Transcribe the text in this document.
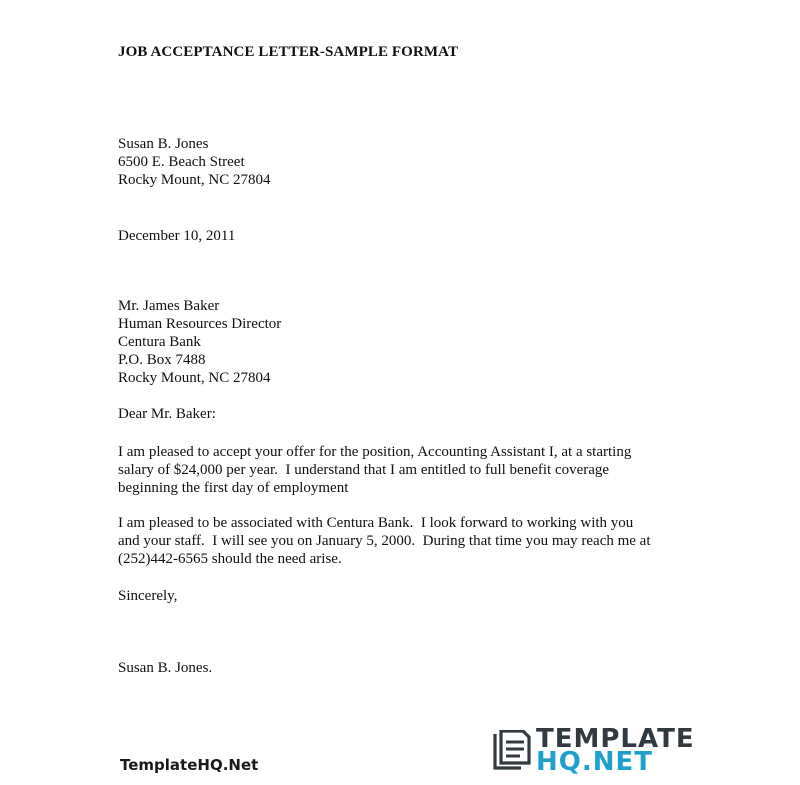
JOB ACCEPTANCE LETTER-SAMPLE FORMAT
Susan B. Jones
6500 E. Beach Street
Rocky Mount, NC 27804
December 10, 2011
Mr. James Baker
Human Resources Director
Centura Bank
P.O. Box 7488
Rocky Mount, NC 27804
Dear Mr. Baker:
I am pleased to accept your offer for the position, Accounting Assistant I, at a starting
salary of $24,000 per year.  I understand that I am entitled to full benefit coverage
beginning the first day of employment
I am pleased to be associated with Centura Bank.  I look forward to working with you
and your staff.  I will see you on January 5, 2000.  During that time you may reach me at
(252)442-6565 should the need arise.
Sincerely,
Susan B. Jones.
TemplateHQ.Net
TEMPLATE
HQ.NET
